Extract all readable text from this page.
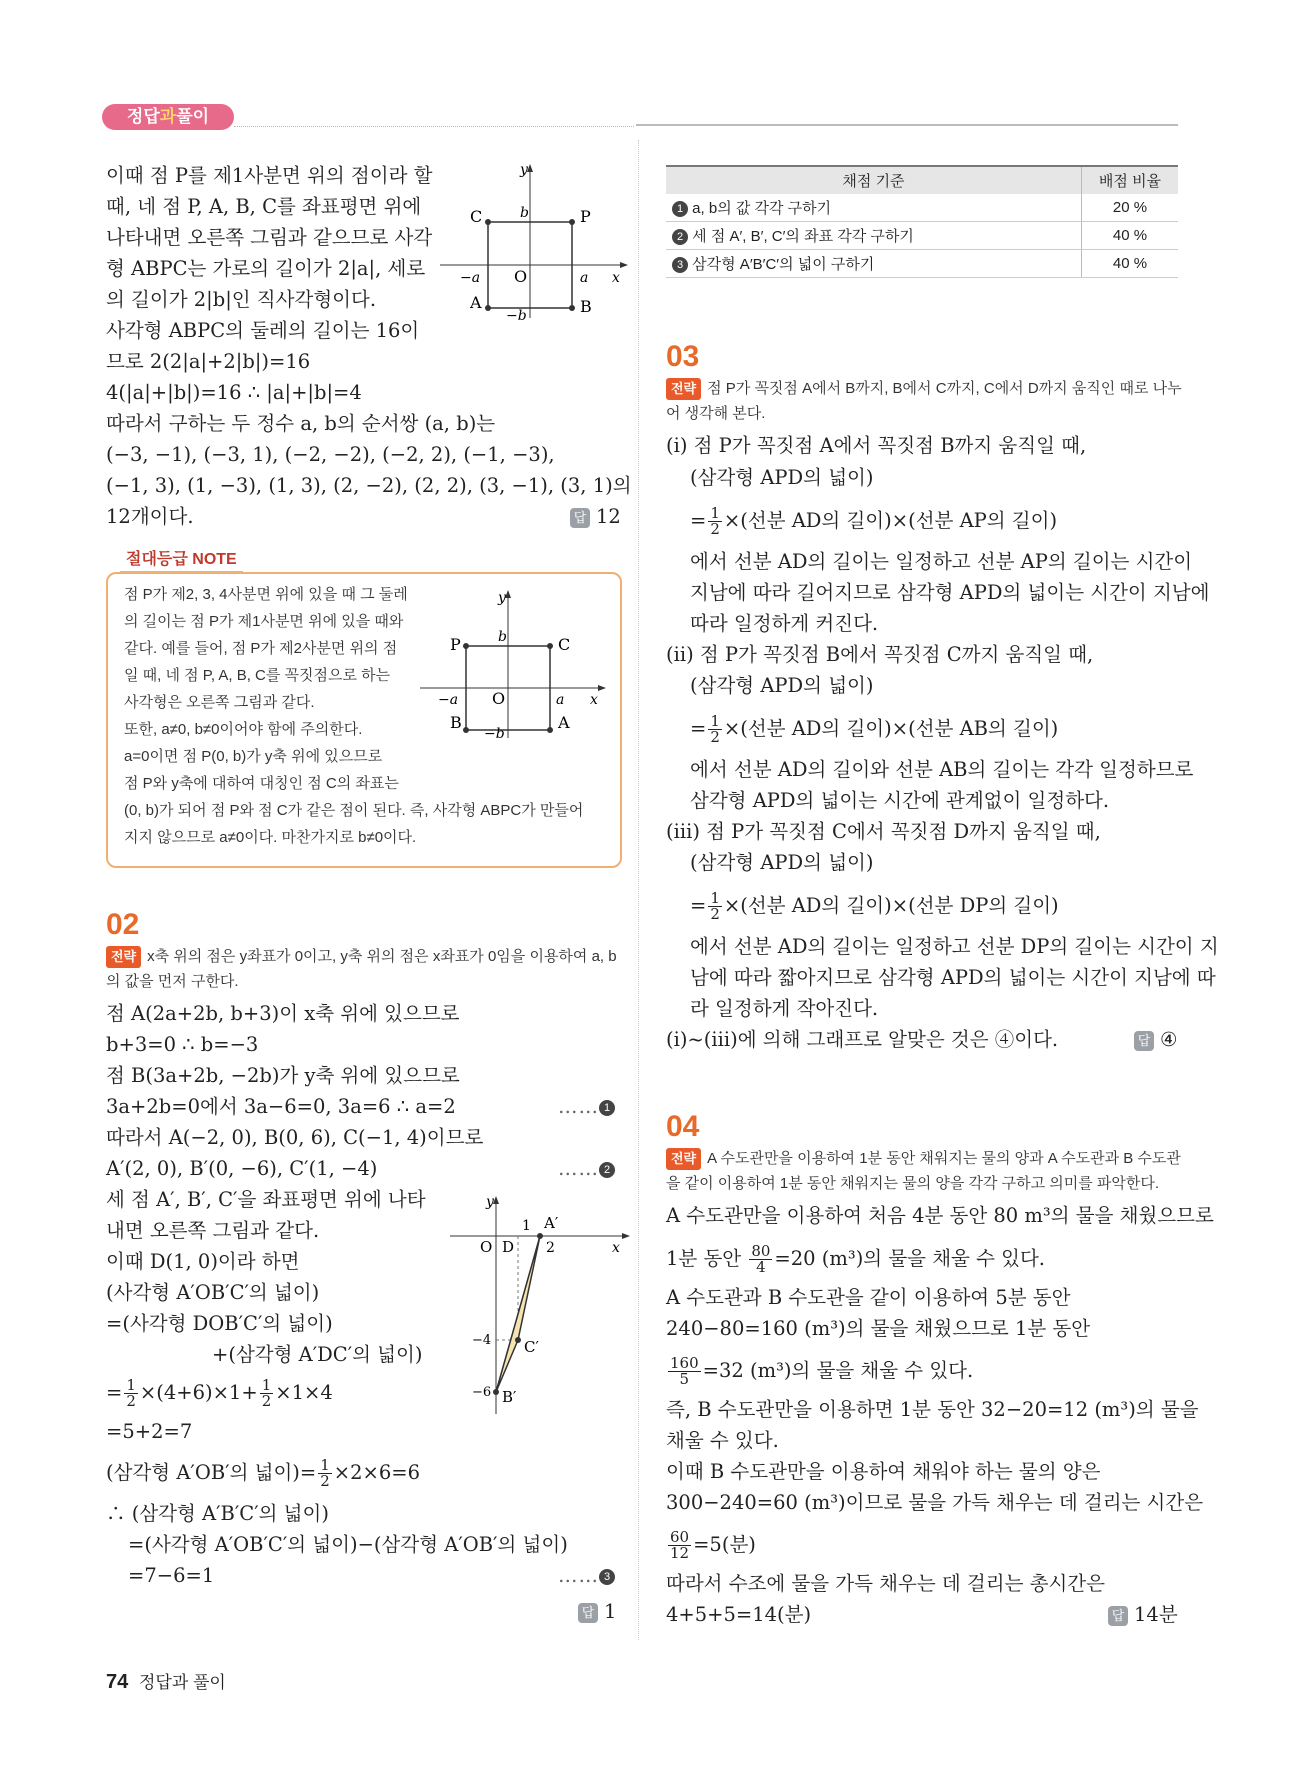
정답과풀이
이때 점 P를 제1사분면 위의 점이라 할
때, 네 점 P, A, B, C를 좌표평면 위에
나타내면 오른쪽 그림과 같으므로 사각
형 ABPC는 가로의 길이가 2|a|, 세로
의 길이가 2|b|인 직사각형이다.
사각형 ABPC의 둘레의 길이는 16이
므로 2(2|a|+2|b|)=16
4(|a|+|b|)=16 ∴ |a|+|b|=4
따라서 구하는 두 정수 a, b의 순서쌍 (a, b)는
(−3, −1), (−3, 1), (−2, −2), (−2, 2), (−1, −3),
(−1, 3), (1, −3), (1, 3), (2, −2), (2, 2), (3, −1), (3, 1)의
12개이다.	답 12
y
x
C	P
A	B
O
b
−b
a
−a
절대등급 NOTE
점 P가 제2, 3, 4사분면 위에 있을 때 그 둘레
의 길이는 점 P가 제1사분면 위에 있을 때와
같다. 예를 들어, 점 P가 제2사분면 위의 점
일 때, 네 점 P, A, B, C를 꼭짓점으로 하는
사각형은 오른쪽 그림과 같다.
또한, a≠0, b≠0이어야 함에 주의한다.
a=0이면 점 P(0, b)가 y축 위에 있으므로
점 P와 y축에 대하여 대칭인 점 C의 좌표는
(0, b)가 되어 점 P와 점 C가 같은 점이 된다. 즉, 사각형 ABPC가 만들어
지지 않으므로 a≠0이다. 마찬가지로 b≠0이다.
y
x
P	C
B	A
O
b
−b
a
−a
02
전략 x축 위의 점은 y좌표가 0이고, y축 위의 점은 x좌표가 0임을 이용하여 a, b
의 값을 먼저 구한다.
점 A(2a+2b, b+3)이 x축 위에 있으므로
b+3=0 ∴ b=−3
점 B(3a+2b, −2b)가 y축 위에 있으므로
3a+2b=0에서 3a−6=0, 3a=6 ∴ a=2	…… 1
따라서 A(−2, 0), B(0, 6), C(−1, 4)이므로
A′(2, 0), B′(0, −6), C′(1, −4)	…… 2
세 점 A′, B′, C′을 좌표평면 위에 나타
내면 오른쪽 그림과 같다.
이때 D(1, 0)이라 하면
(사각형 A′OB′C′의 넓이)
=(사각형 DOB′C′의 넓이)
+(삼각형 A′DC′의 넓이)
= $\frac{1}{2} \times(4+6)\times 1+ \frac{1}{2} \times 1\times 4$
=5+2=7
(삼각형 A′OB′의 넓이)= $\frac{1}{2} \times 2\times 6=6$
∴ (삼각형 A′B′C′의 넓이)
=(사각형 A′OB′C′의 넓이)−(삼각형 A′OB′의 넓이)
=7−6=1	…… 3
답 1
y
x
O D
1
2
A′
C′
B′
−4
−6
채점 기준	배점 비율
1 a, b의 값 각각 구하기	20 %
2 세 점 A′, B′, C′의 좌표 각각 구하기	40 %
3 삼각형 A′B′C′의 넓이 구하기	40 %
03
전략 점 P가 꼭짓점 A에서 B까지, B에서 C까지, C에서 D까지 움직인 때로 나누
어 생각해 본다.
(ⅰ) 점 P가 꼭짓점 A에서 꼭짓점 B까지 움직일 때,
(삼각형 APD의 넓이)
= $\frac{1}{2}$ ×(선분 AD의 길이)×(선분 AP의 길이)
에서 선분 AD의 길이는 일정하고 선분 AP의 길이는 시간이
지남에 따라 길어지므로 삼각형 APD의 넓이는 시간이 지남에
따라 일정하게 커진다.
(ⅱ) 점 P가 꼭짓점 B에서 꼭짓점 C까지 움직일 때,
(삼각형 APD의 넓이)
= $\frac{1}{2}$ ×(선분 AD의 길이)×(선분 AB의 길이)
에서 선분 AD의 길이와 선분 AB의 길이는 각각 일정하므로
삼각형 APD의 넓이는 시간에 관계없이 일정하다.
(ⅲ) 점 P가 꼭짓점 C에서 꼭짓점 D까지 움직일 때,
(삼각형 APD의 넓이)
= $\frac{1}{2}$ ×(선분 AD의 길이)×(선분 DP의 길이)
에서 선분 AD의 길이는 일정하고 선분 DP의 길이는 시간이 지
남에 따라 짧아지므로 삼각형 APD의 넓이는 시간이 지남에 따
라 일정하게 작아진다.
(ⅰ)~(ⅲ)에 의해 그래프로 알맞은 것은 ④이다.	답 ④
04
전략 A 수도관만을 이용하여 1분 동안 채워지는 물의 양과 A 수도관과 B 수도관
을 같이 이용하여 1분 동안 채워지는 물의 양을 각각 구하고 의미를 파악한다.
A 수도관만을 이용하여 처음 4분 동안 80 m³의 물을 채웠으므로
1분 동안 $\frac{80}{4} =20$ (m³)의 물을 채울 수 있다.
A 수도관과 B 수도관을 같이 이용하여 5분 동안
240−80=160 (m³)의 물을 채웠으므로 1분 동안
$\frac{160}{5} =32$ (m³)의 물을 채울 수 있다.
즉, B 수도관만을 이용하면 1분 동안 32−20=12 (m³)의 물을
채울 수 있다.
이때 B 수도관만을 이용하여 채워야 하는 물의 양은
300−240=60 (m³)이므로 물을 가득 채우는 데 걸리는 시간은
$\frac{60}{12} =5$(분)
따라서 수조에 물을 가득 채우는 데 걸리는 총시간은
4+5+5=14(분)	답 14분
74 정답과 풀이
